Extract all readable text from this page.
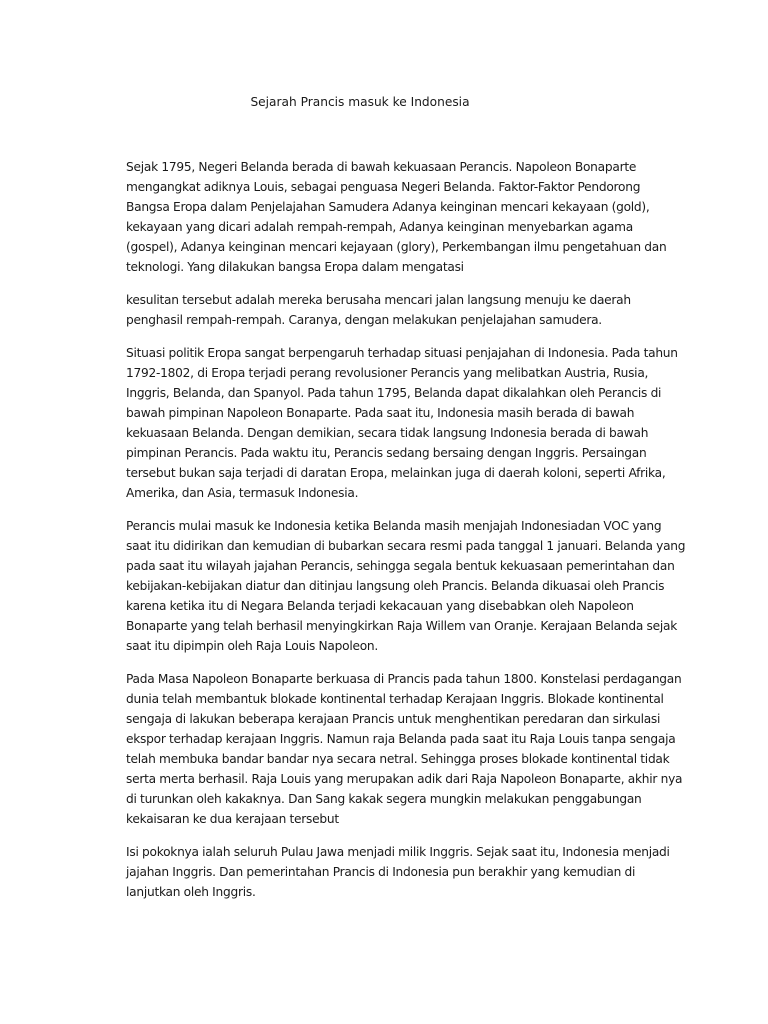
Sejarah Prancis masuk ke Indonesia

Sejak 1795, Negeri Belanda berada di bawah kekuasaan Perancis. Napoleon Bonaparte mengangkat adiknya Louis, sebagai penguasa Negeri Belanda. Faktor-Faktor Pendorong Bangsa Eropa dalam Penjelajahan Samudera Adanya keinginan mencari kekayaan (gold), kekayaan yang dicari adalah rempah-rempah, Adanya keinginan menyebarkan agama (gospel), Adanya keinginan mencari kejayaan (glory), Perkembangan ilmu pengetahuan dan teknologi. Yang dilakukan bangsa Eropa dalam mengatasi

kesulitan tersebut adalah mereka berusaha mencari jalan langsung menuju ke daerah penghasil rempah-rempah. Caranya, dengan melakukan penjelajahan samudera.

Situasi politik Eropa sangat berpengaruh terhadap situasi penjajahan di Indonesia. Pada tahun 1792-1802, di Eropa terjadi perang revolusioner Perancis yang melibatkan Austria, Rusia, Inggris, Belanda, dan Spanyol. Pada tahun 1795, Belanda dapat dikalahkan oleh Perancis di bawah pimpinan Napoleon Bonaparte. Pada saat itu, Indonesia masih berada di bawah kekuasaan Belanda. Dengan demikian, secara tidak langsung Indonesia berada di bawah pimpinan Perancis. Pada waktu itu, Perancis sedang bersaing dengan Inggris. Persaingan tersebut bukan saja terjadi di daratan Eropa, melainkan juga di daerah koloni, seperti Afrika, Amerika, dan Asia, termasuk Indonesia.

Perancis mulai masuk ke Indonesia ketika Belanda masih menjajah Indonesiadan VOC yang saat itu didirikan dan kemudian di bubarkan secara resmi pada tanggal 1 januari. Belanda yang pada saat itu wilayah jajahan Perancis, sehingga segala bentuk kekuasaan pemerintahan dan kebijakan-kebijakan diatur dan ditinjau langsung oleh Prancis. Belanda dikuasai oleh Prancis karena ketika itu di Negara Belanda terjadi kekacauan yang disebabkan oleh Napoleon Bonaparte yang telah berhasil menyingkirkan Raja Willem van Oranje. Kerajaan Belanda sejak saat itu dipimpin oleh Raja Louis Napoleon.

Pada Masa Napoleon Bonaparte berkuasa di Prancis pada tahun 1800. Konstelasi perdagangan dunia telah membantuk blokade kontinental terhadap Kerajaan Inggris. Blokade kontinental sengaja di lakukan beberapa kerajaan Prancis untuk menghentikan peredaran dan sirkulasi ekspor terhadap kerajaan Inggris. Namun raja Belanda pada saat itu Raja Louis tanpa sengaja telah membuka bandar bandar nya secara netral. Sehingga proses blokade kontinental tidak serta merta berhasil. Raja Louis yang merupakan adik dari Raja Napoleon Bonaparte, akhir nya di turunkan oleh kakaknya. Dan Sang kakak segera mungkin melakukan penggabungan kekaisaran ke dua kerajaan tersebut

Isi pokoknya ialah seluruh Pulau Jawa menjadi milik Inggris. Sejak saat itu, Indonesia menjadi jajahan Inggris. Dan pemerintahan Prancis di Indonesia pun berakhir yang kemudian di lanjutkan oleh Inggris.
